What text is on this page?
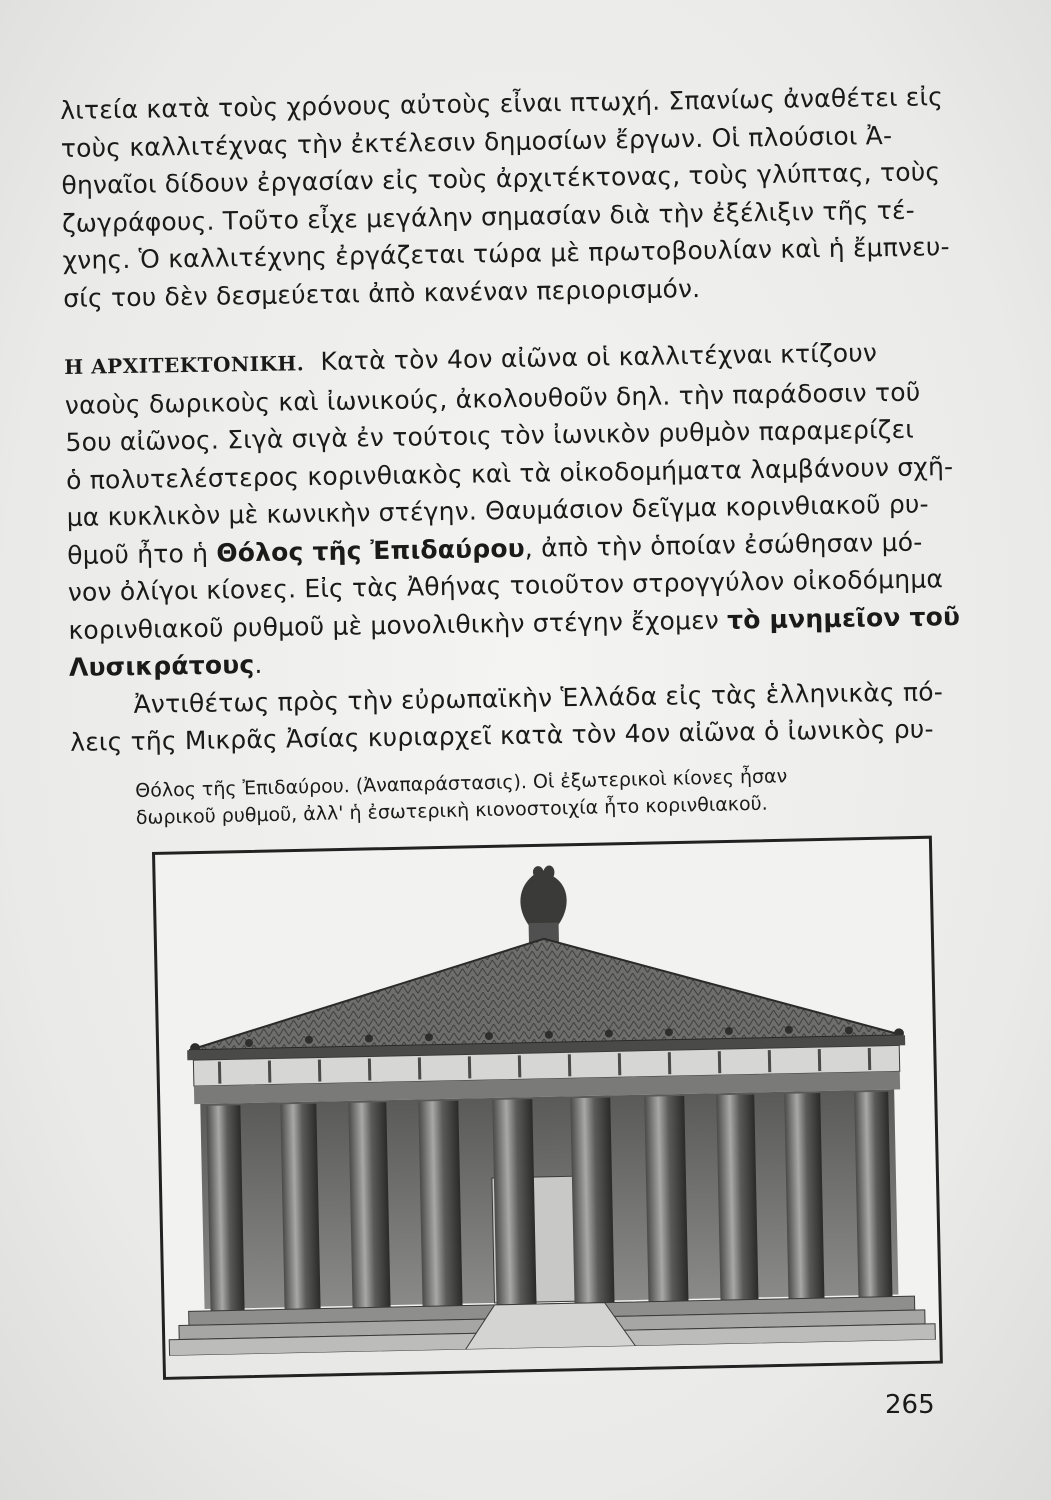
λιτεία κατὰ τοὺς χρόνους αὐτοὺς εἶναι πτωχή. Σπανίως ἀναθέτει εἰς
τοὺς καλλιτέχνας τὴν ἐκτέλεσιν δημοσίων ἔργων. Οἱ πλούσιοι Ἀ-
θηναῖοι δίδουν ἐργασίαν εἰς τοὺς ἀρχιτέκτονας, τοὺς γλύπτας, τοὺς
ζωγράφους. Τοῦτο εἶχε μεγάλην σημασίαν διὰ τὴν ἐξέλιξιν τῆς τέ-
χνης. Ὁ καλλιτέχνης ἐργάζεται τώρα μὲ πρωτοβουλίαν καὶ ἡ ἔμπνευ-
σίς του δὲν δεσμεύεται ἀπὸ κανέναν περιορισμόν.
Η ΑΡΧΙΤΕΚΤΟΝΙΚΗ. Κατὰ τὸν 4ον αἰῶνα οἱ καλλιτέχναι κτίζουν
ναοὺς δωρικοὺς καὶ ἰωνικούς, ἀκολουθοῦν δηλ. τὴν παράδοσιν τοῦ
5ου αἰῶνος. Σιγὰ σιγὰ ἐν τούτοις τὸν ἰωνικὸν ρυθμὸν παραμερίζει
ὁ πολυτελέστερος κορινθιακὸς καὶ τὰ οἰκοδομήματα λαμβάνουν σχῆ-
μα κυκλικὸν μὲ κωνικὴν στέγην. Θαυμάσιον δεῖγμα κορινθιακοῦ ρυ-
θμοῦ ἦτο ἡ Θόλος τῆς Ἐπιδαύρου, ἀπὸ τὴν ὁποίαν ἐσώθησαν μό-
νον ὀλίγοι κίονες. Εἰς τὰς Ἀθήνας τοιοῦτον στρογγύλον οἰκοδόμημα
κορινθιακοῦ ρυθμοῦ μὲ μονολιθικὴν στέγην ἔχομεν τὸ μνημεῖον τοῦ
Λυσικράτους.
Ἀντιθέτως πρὸς τὴν εὐρωπαϊκὴν Ἑλλάδα εἰς τὰς ἑλληνικὰς πό-
λεις τῆς Μικρᾶς Ἀσίας κυριαρχεῖ κατὰ τὸν 4ον αἰῶνα ὁ ἰωνικὸς ρυ-
Θόλος τῆς Ἐπιδαύρου. (Ἀναπαράστασις). Οἱ ἐξωτερικοὶ κίονες ἦσαν
δωρικοῦ ρυθμοῦ, ἀλλ' ἡ ἐσωτερικὴ κιονοστοιχία ἦτο κορινθιακοῦ.
265
